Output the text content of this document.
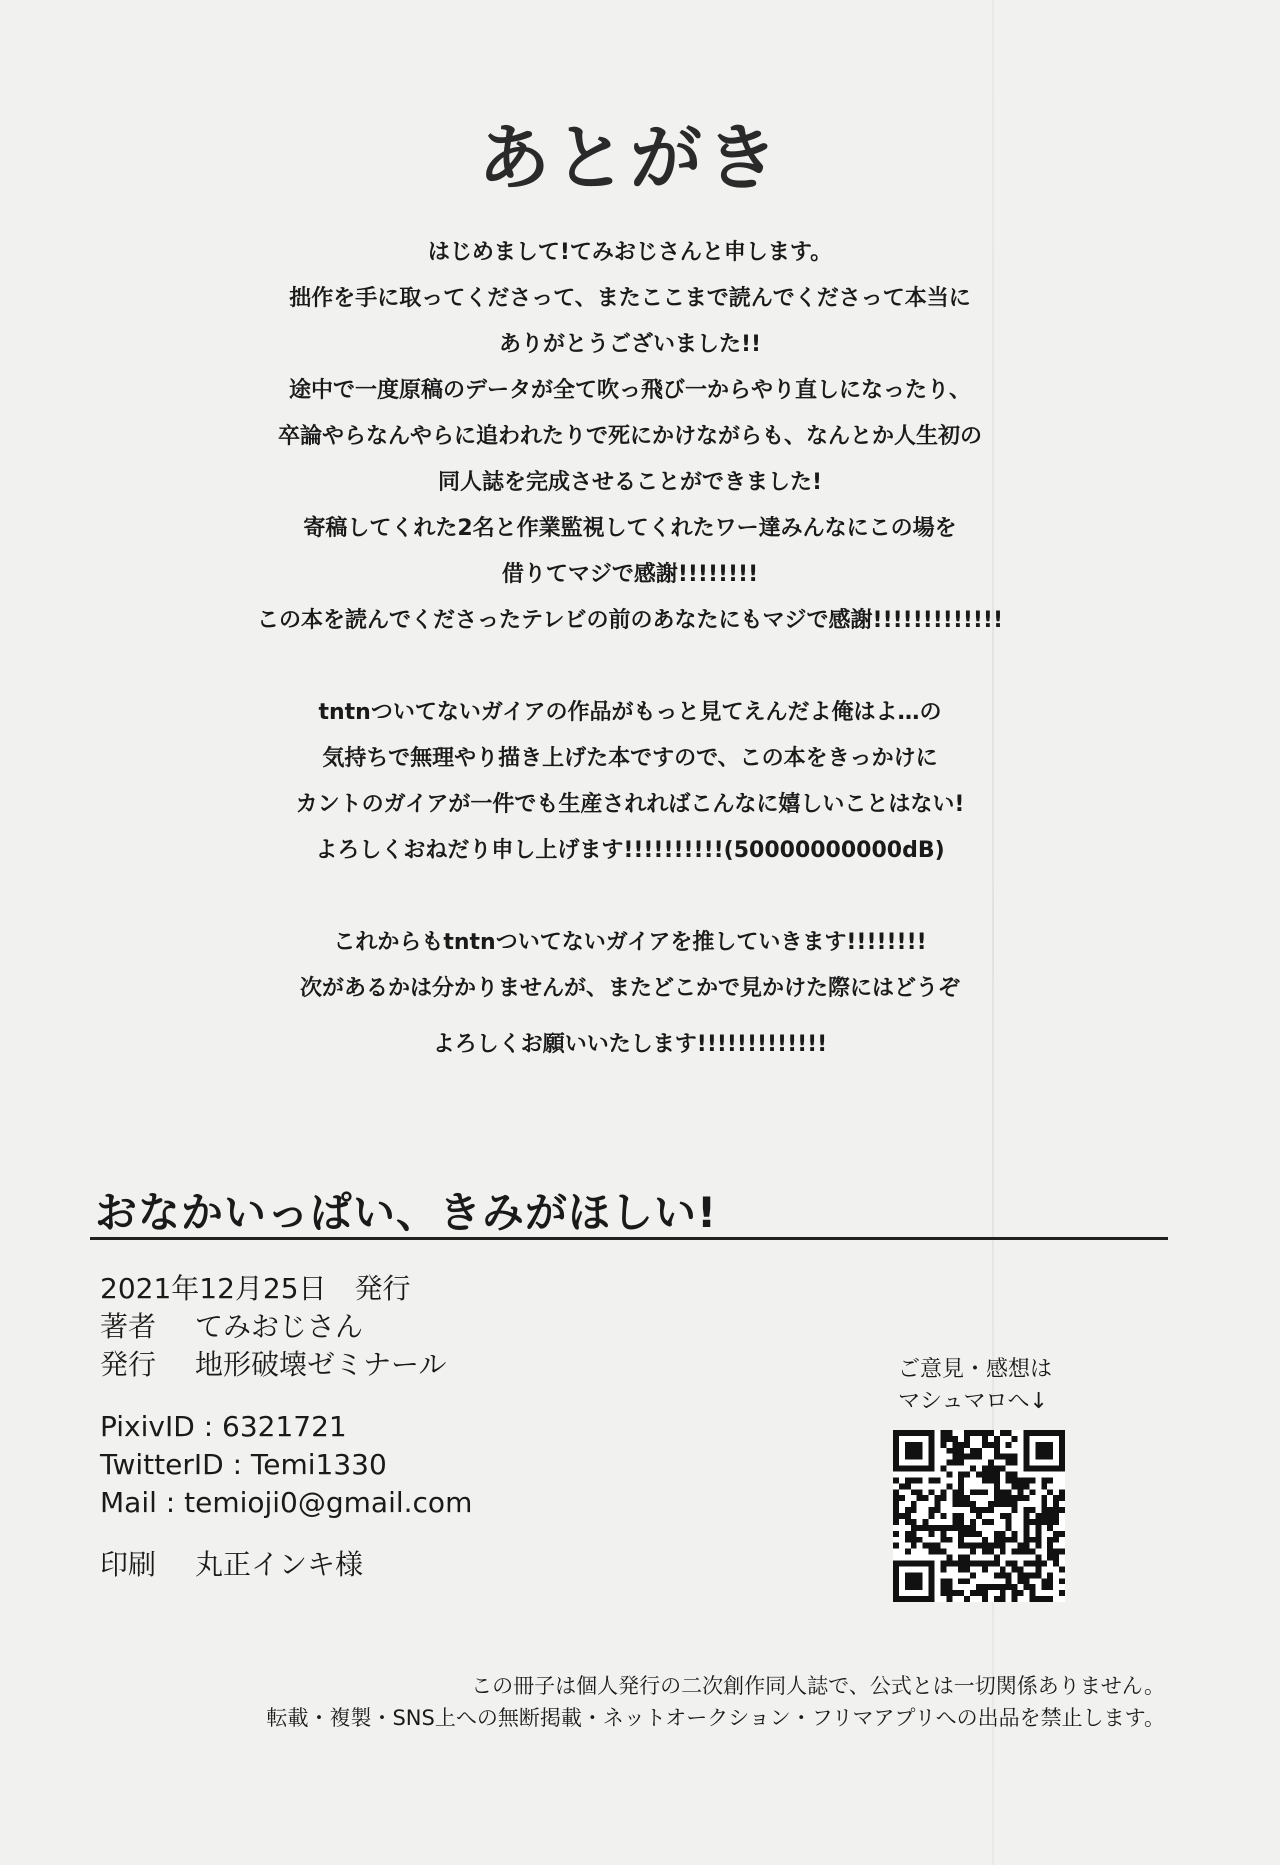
あとがき
はじめまして!てみおじさんと申します。
拙作を手に取ってくださって、またここまで読んでくださって本当に
ありがとうございました!!
途中で一度原稿のデータが全て吹っ飛び一からやり直しになったり、
卒論やらなんやらに追われたりで死にかけながらも、なんとか人生初の
同人誌を完成させることができました!
寄稿してくれた2名と作業監視してくれたワー達みんなにこの場を
借りてマジで感謝!!!!!!!!
この本を読んでくださったテレビの前のあなたにもマジで感謝!!!!!!!!!!!!!
tntnついてないガイアの作品がもっと見てえんだよ俺はよ…の
気持ちで無理やり描き上げた本ですので、この本をきっかけに
カントのガイアが一件でも生産されればこんなに嬉しいことはない!
よろしくおねだり申し上げます!!!!!!!!!!(50000000000dB)
これからもtntnついてないガイアを推していきます!!!!!!!!
次があるかは分かりませんが、またどこかで見かけた際にはどうぞ
よろしくお願いいたします!!!!!!!!!!!!!
おなかいっぱい、きみがほしい!
2021年12月25日　発行
著者 てみおじさん
発行 地形破壊ゼミナール
PixivID : 6321721
TwitterID : Temi1330
Mail : temioji0@gmail.com
印刷 丸正インキ様
ご意見・感想は
マシュマロへ↓
この冊子は個人発行の二次創作同人誌で、公式とは一切関係ありません。
転載・複製・SNS上への無断掲載・ネットオークション・フリマアプリへの出品を禁止します。
